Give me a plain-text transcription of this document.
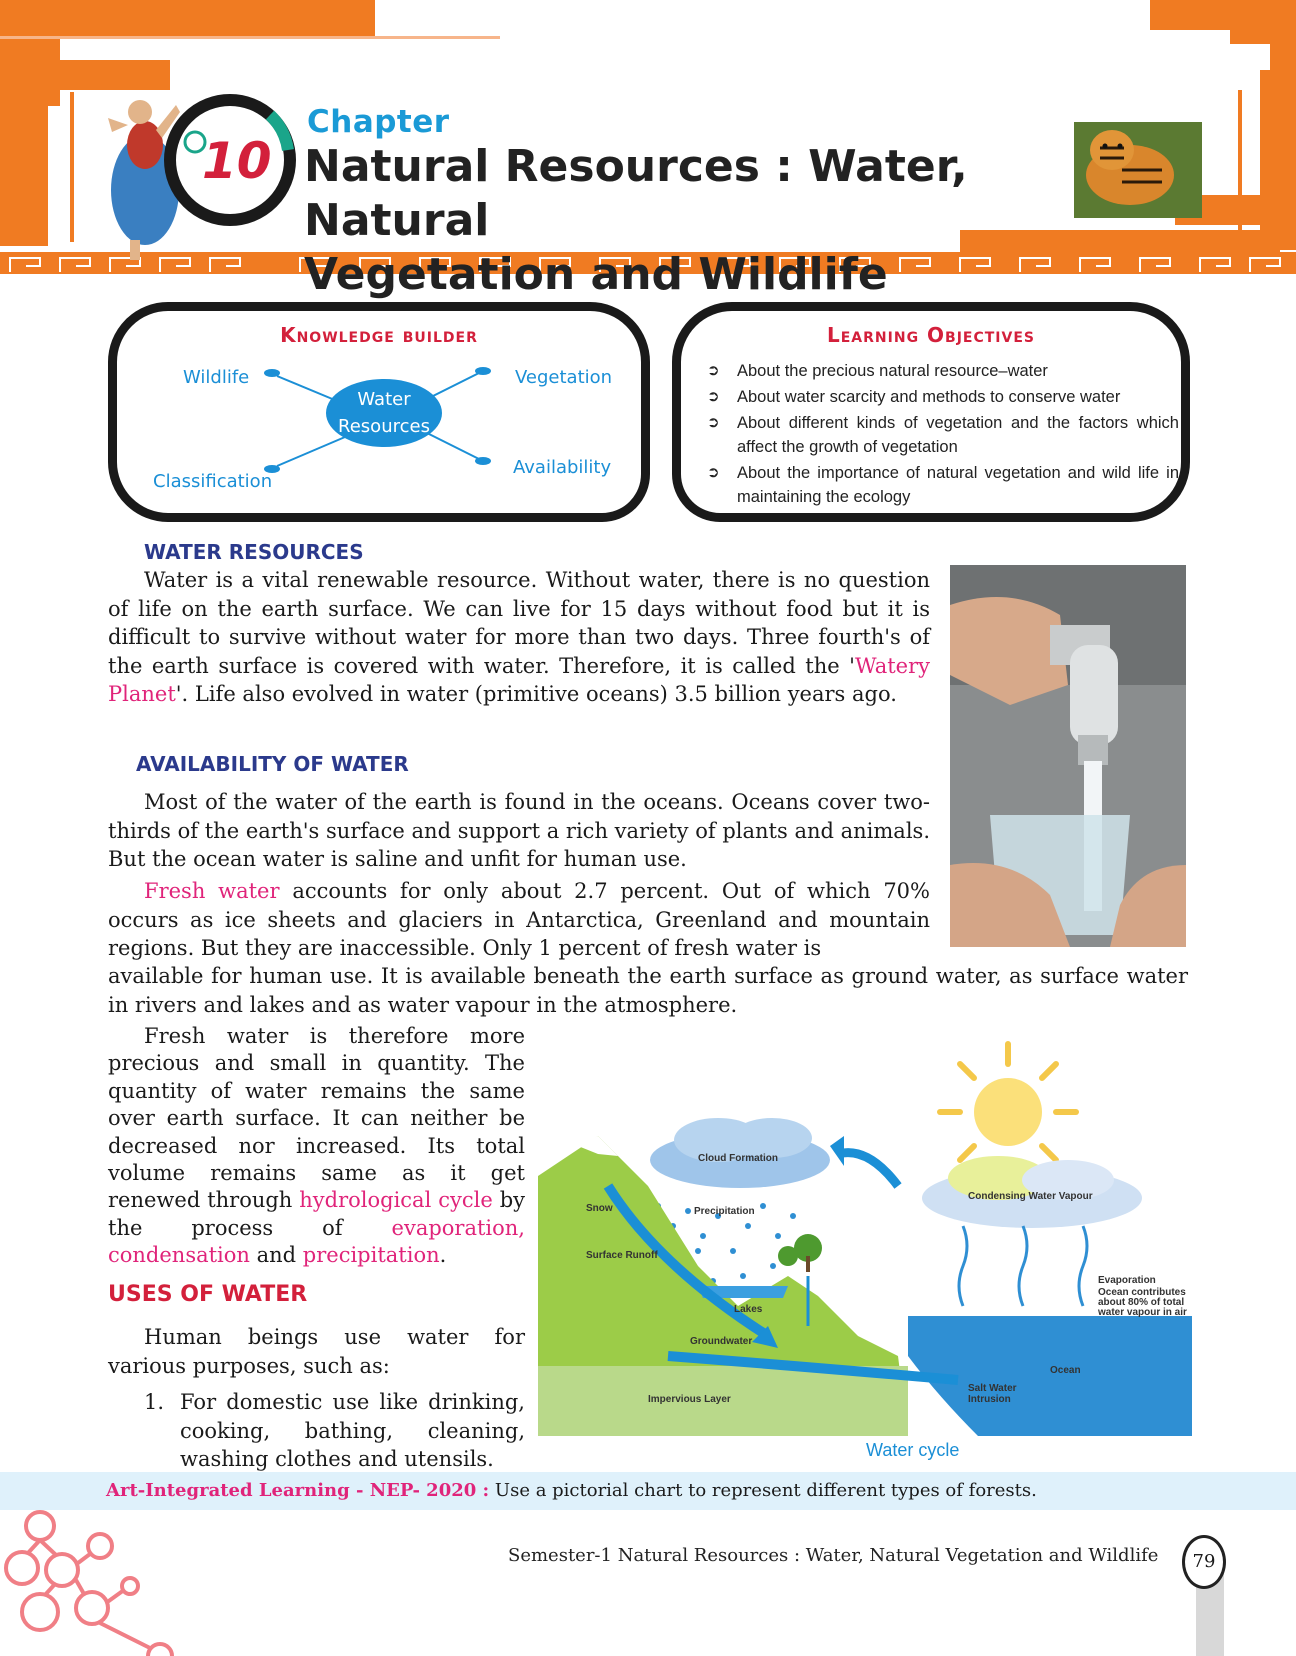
10
Chapter
Natural Resources : Water, Natural
Vegetation and Wildlife
Knowledge builder
Water
Resources
Wildlife	Vegetation
Classification
Availability
Learning Objectives
➲ About the precious natural resource–water
➲ About water scarcity and methods to conserve water
➲ About different kinds of vegetation and the factors which affect the growth of vegetation
➲ About the importance of natural vegetation and wild life in maintaining the ecology
WATER RESOURCES

Water is a vital renewable resource. Without water, there is no question of life on the earth surface. We can live for 15 days without food but it is difficult to survive without water for more than two days. Three fourth's of the earth surface is covered with water. Therefore, it is called the 'Watery Planet'. Life also evolved in water (primitive oceans) 3.5 billion years ago.

AVAILABILITY OF WATER

Most of the water of the earth is found in the oceans. Oceans cover two-thirds of the earth's surface and support a rich variety of plants and animals. But the ocean water is saline and unfit for human use.

Fresh water accounts for only about 2.7 percent. Out of which 70% occurs as ice sheets and glaciers in Antarctica, Greenland and mountain regions. But they are inaccessible. Only 1 percent of fresh water is

available for human use. It is available beneath the earth surface as ground water, as surface water in rivers and lakes and as water vapour in the atmosphere.

Fresh water is therefore more precious and small in quantity. The quantity of water remains the same over earth surface. It can neither be decreased nor increased. Its total volume remains same as it get renewed through hydrological cycle by the process of evaporation, condensation and precipitation.

USES OF WATER

Human beings use water for various purposes, such as:

1. For domestic use like drinking, cooking, bathing, cleaning, washing clothes and utensils.

Cloud Formation
Condensing Water Vapour
Snow	Precipitation
Surface Runoff
Lakes
Groundwater
Impervious Layer
Salt Water
Intrusion
Ocean
Evaporation
Ocean contributes
about 80% of total
water vapour in air
Water cycle
Art-Integrated Learning - NEP- 2020 : Use a pictorial chart to represent different types of forests.
Semester-1 Natural Resources : Water, Natural Vegetation and Wildlife	79
